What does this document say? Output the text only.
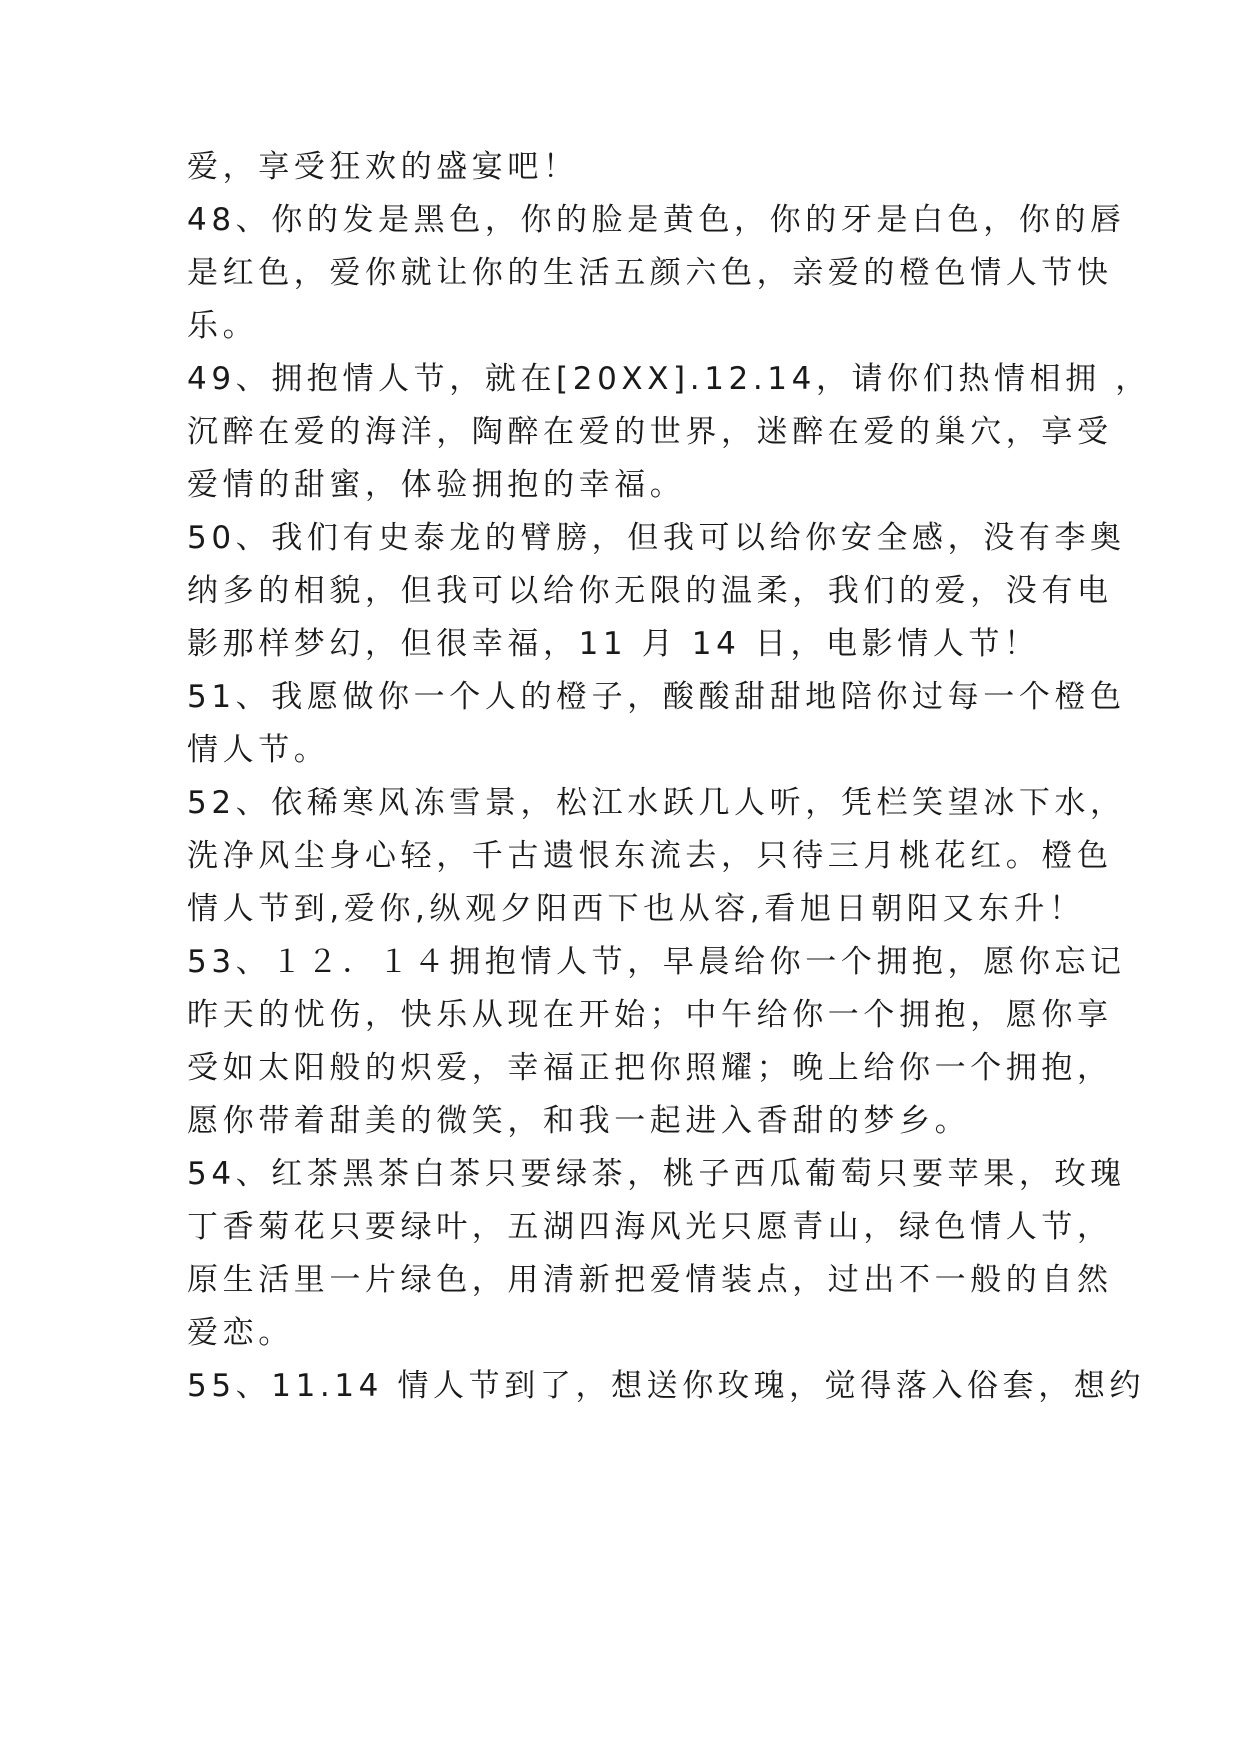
爱，享受狂欢的盛宴吧！
48、你的发是黑色，你的脸是黄色，你的牙是白色，你的唇
是红色，爱你就让你的生活五颜六色，亲爱的橙色情人节快
乐。
49、拥抱情人节，就在[20XX].12.14，请你们热情相拥 ，
沉醉在爱的海洋，陶醉在爱的世界，迷醉在爱的巢穴，享受
爱情的甜蜜，体验拥抱的幸福。
50、我们有史泰龙的臂膀，但我可以给你安全感，没有李奥
纳多的相貌，但我可以给你无限的温柔，我们的爱，没有电
影那样梦幻，但很幸福，11 月 14 日，电影情人节！
51、我愿做你一个人的橙子，酸酸甜甜地陪你过每一个橙色
情人节。
52、依稀寒风冻雪景，松江水跃几人听，凭栏笑望冰下水，
洗净风尘身心轻，千古遗恨东流去，只待三月桃花红。橙色
情人节到,爱你,纵观夕阳西下也从容,看旭日朝阳又东升！
53、１２．１４拥抱情人节，早晨给你一个拥抱，愿你忘记
昨天的忧伤，快乐从现在开始；中午给你一个拥抱，愿你享
受如太阳般的炽爱，幸福正把你照耀；晚上给你一个拥抱，
愿你带着甜美的微笑，和我一起进入香甜的梦乡。
54、红茶黑茶白茶只要绿茶，桃子西瓜葡萄只要苹果，玫瑰
丁香菊花只要绿叶，五湖四海风光只愿青山，绿色情人节，
原生活里一片绿色，用清新把爱情装点，过出不一般的自然
爱恋。
55、11.14 情人节到了，想送你玫瑰，觉得落入俗套，想约
